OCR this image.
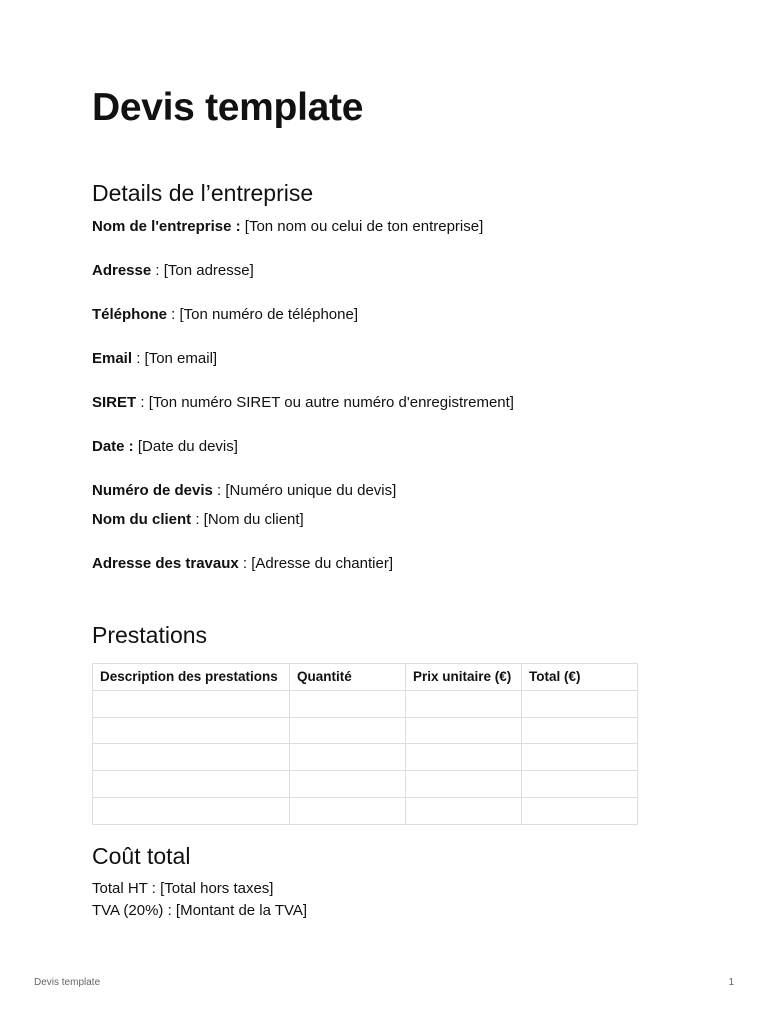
Devis template
Details de l’entreprise
Nom de l'entreprise : [Ton nom ou celui de ton entreprise]
Adresse : [Ton adresse]
Téléphone : [Ton numéro de téléphone]
Email : [Ton email]
SIRET : [Ton numéro SIRET ou autre numéro d'enregistrement]
Date : [Date du devis]
Numéro de devis : [Numéro unique du devis]
Nom du client : [Nom du client]
Adresse des travaux : [Adresse du chantier]
Prestations
Description des prestations	Quantité	Prix unitaire (€)	Total (€)

Coût total
Total HT : [Total hors taxes]
TVA (20%) : [Montant de la TVA]
Devis template	1
